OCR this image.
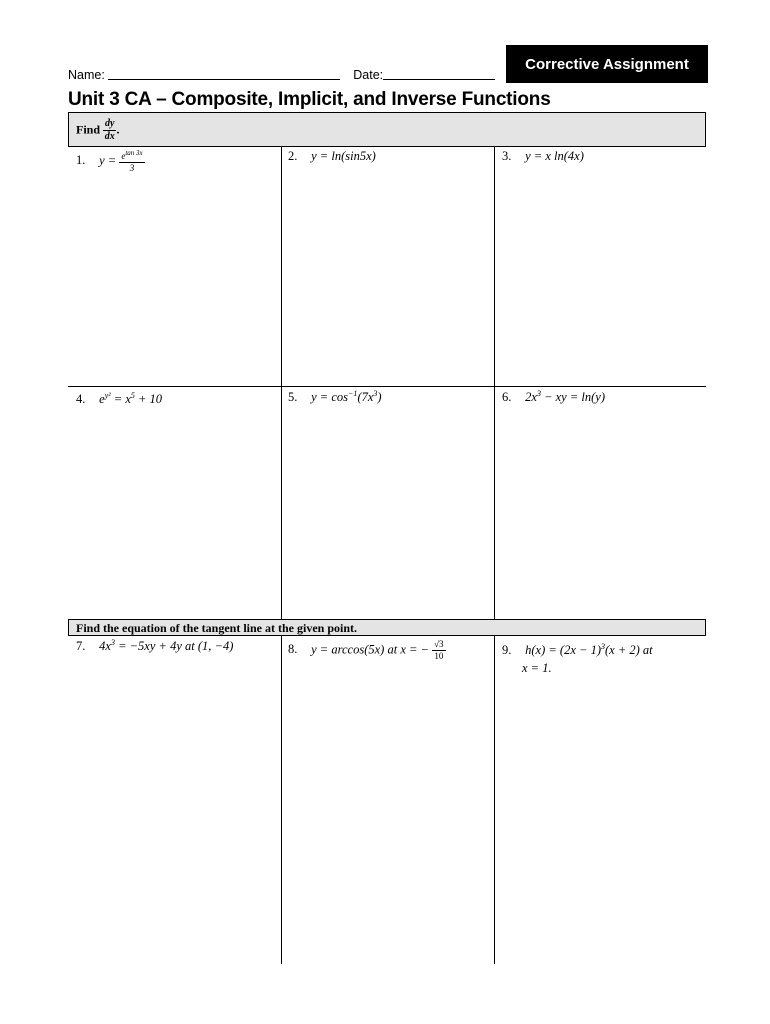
Corrective Assignment
Name:	Date:
Unit 3 CA – Composite, Implicit, and Inverse Functions
Find $\frac{dy}{dx}$ .
Find the equation of the tangent line at the given point.
1. $y = \frac{e^{tan 3x}}{3}$	2. y = ln(sin5x)	3. y = x ln(4x)
4. $e^{y^2} = x^5 + 10$	5. $y = \cos^{-1}(7x^3)$	6. $2x^3$ − xy = ln(y)
7. $4x^3 = -5xy + 4y$ at (1, −4)	8. y = arccos(5x) at x = − $\frac{√3}{10}$	9. $h(x) = (2x - 1)^3(x + 2)$ at
x = 1.
